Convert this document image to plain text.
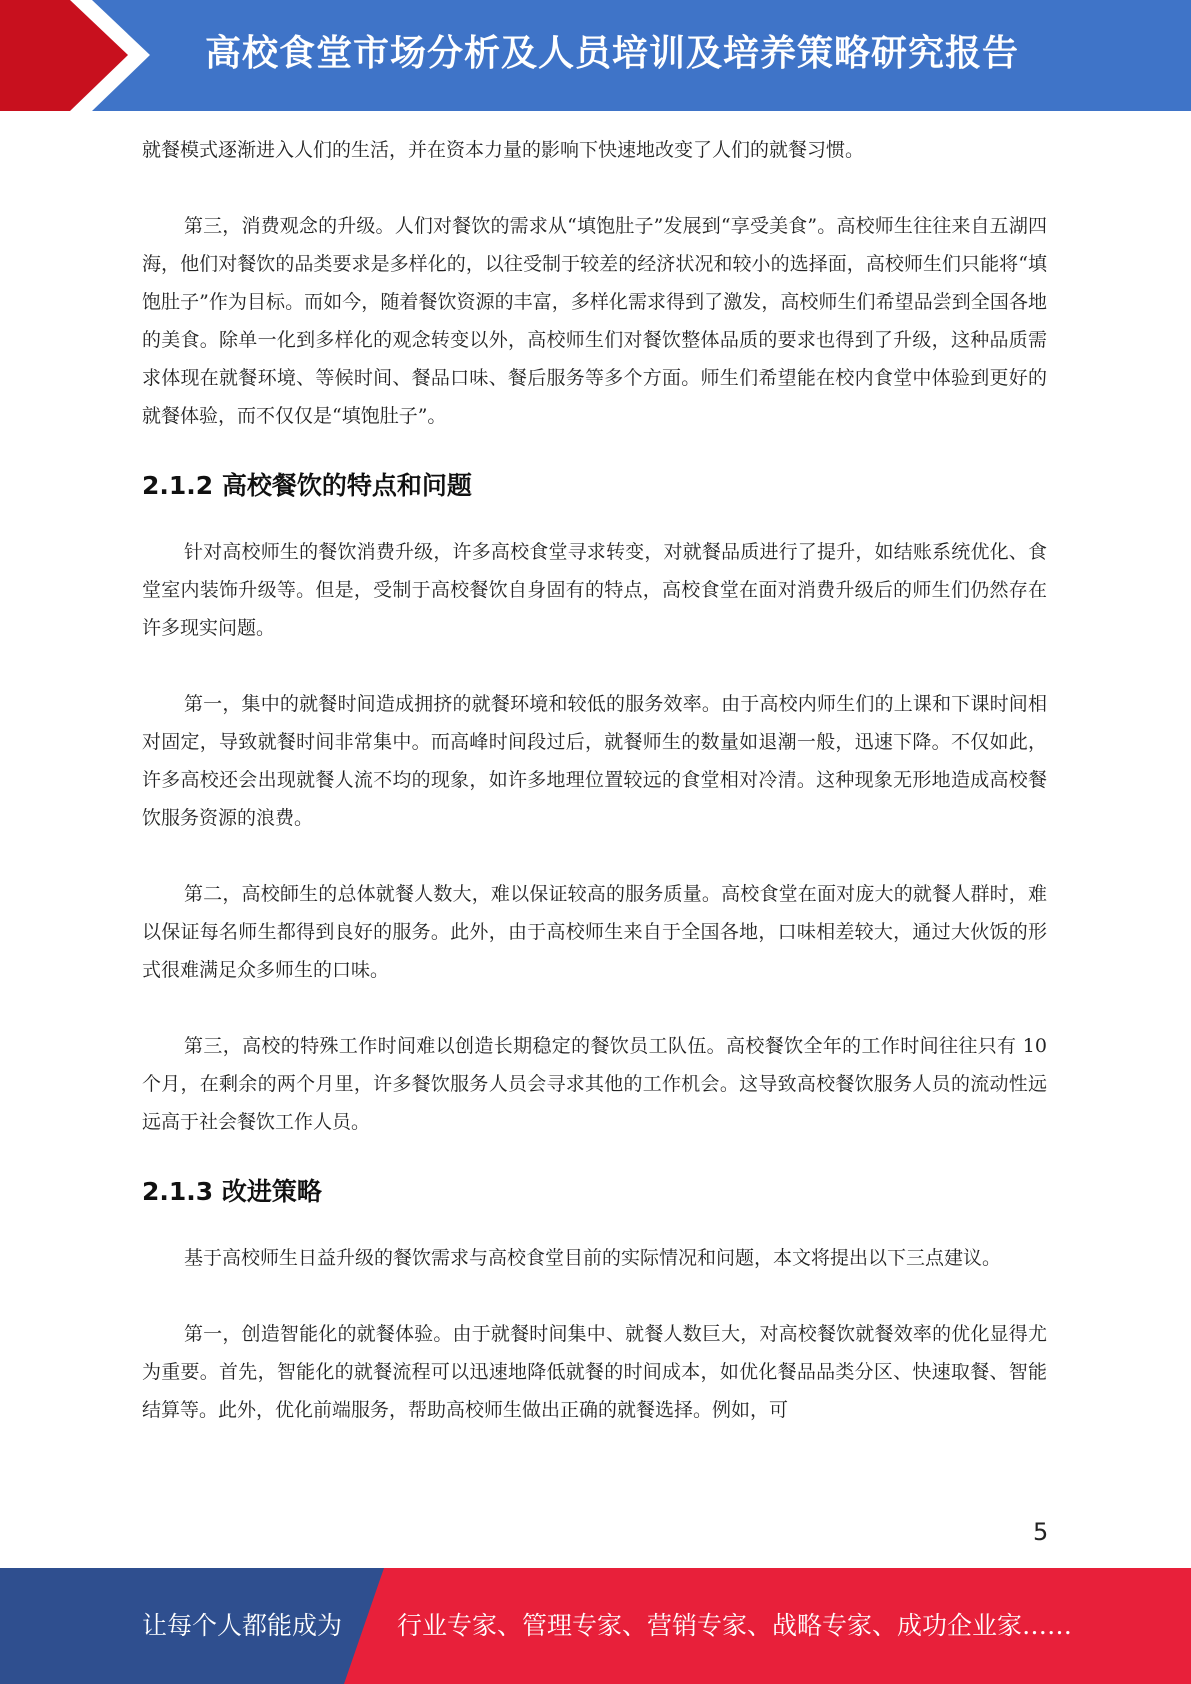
高校食堂市场分析及人员培训及培养策略研究报告

就餐模式逐渐进入人们的生活，并在资本力量的影响下快速地改变了人们的就餐习惯。

第三，消费观念的升级。人们对餐饮的需求从“填饱肚子”发展到“享受美食”。高校师生往往来自五湖四海，他们对餐饮的品类要求是多样化的，以往受制于较差的经济状况和较小的选择面，高校师生们只能将“填饱肚子”作为目标。而如今，随着餐饮资源的丰富，多样化需求得到了激发，高校师生们希望品尝到全国各地的美食。除单一化到多样化的观念转变以外，高校师生们对餐饮整体品质的要求也得到了升级，这种品质需求体现在就餐环境、等候时间、餐品口味、餐后服务等多个方面。师生们希望能在校内食堂中体验到更好的就餐体验，而不仅仅是“填饱肚子”。

2.1.2 高校餐饮的特点和问题

针对高校师生的餐饮消费升级，许多高校食堂寻求转变，对就餐品质进行了提升，如结账系统优化、食堂室内装饰升级等。但是，受制于高校餐饮自身固有的特点，高校食堂在面对消费升级后的师生们仍然存在许多现实问题。

第一，集中的就餐时间造成拥挤的就餐环境和较低的服务效率。由于高校内师生们的上课和下课时间相对固定，导致就餐时间非常集中。而高峰时间段过后，就餐师生的数量如退潮一般，迅速下降。不仅如此，许多高校还会出现就餐人流不均的现象，如许多地理位置较远的食堂相对冷清。这种现象无形地造成高校餐饮服务资源的浪费。

第二，高校師生的总体就餐人数大，难以保证较高的服务质量。高校食堂在面对庞大的就餐人群时，难以保证每名师生都得到良好的服务。此外，由于高校师生来自于全国各地，口味相差较大，通过大伙饭的形式很难满足众多师生的口味。

第三，高校的特殊工作时间难以创造长期稳定的餐饮员工队伍。高校餐饮全年的工作时间往往只有 10 个月，在剩余的两个月里，许多餐饮服务人员会寻求其他的工作机会。这导致高校餐饮服务人员的流动性远远高于社会餐饮工作人员。

2.1.3 改进策略

基于高校师生日益升级的餐饮需求与高校食堂目前的实际情况和问题，本文将提出以下三点建议。

第一，创造智能化的就餐体验。由于就餐时间集中、就餐人数巨大，对高校餐饮就餐效率的优化显得尤为重要。首先，智能化的就餐流程可以迅速地降低就餐的时间成本，如优化餐品品类分区、快速取餐、智能结算等。此外，优化前端服务，帮助高校师生做出正确的就餐选择。例如，可

5
让每个人都能成为 行业专家、管理专家、营销专家、战略专家、成功企业家……
